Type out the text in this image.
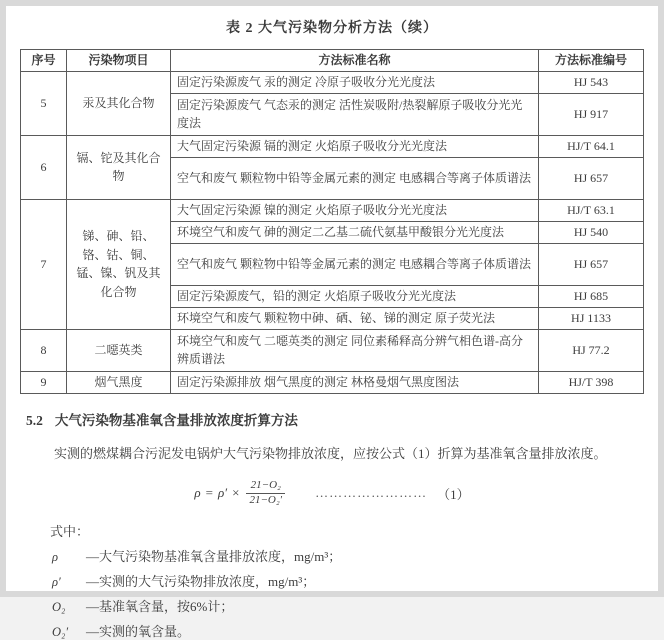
表 2 大气污染物分析方法（续）
序号	污染物项目	方法标准名称	方法标准编号
5	汞及其化合物	固定污染源废气 汞的测定 冷原子吸收分光光度法	HJ 543
		固定污染源废气 气态汞的测定 活性炭吸附/热裂解原子吸收分光光度法	HJ 917
6	镉、铊及其化合物	大气固定污染源 镉的测定 火焰原子吸收分光光度法	HJ/T 64.1
		空气和废气 颗粒物中铅等金属元素的测定 电感耦合等离子体质谱法	HJ 657
7	锑、砷、铅、铬、钴、铜、锰、镍、钒及其化合物	大气固定污染源 镍的测定 火焰原子吸收分光光度法	HJ/T 63.1
		环境空气和废气 砷的测定二乙基二硫代氨基甲酸银分光光度法	HJ 540
		空气和废气 颗粒物中铅等金属元素的测定 电感耦合等离子体质谱法	HJ 657
		固定污染源废气，铅的测定 火焰原子吸收分光光度法	HJ 685
		环境空气和废气 颗粒物中砷、硒、铋、锑的测定 原子荧光法	HJ 1133
8	二噁英类	环境空气和废气 二噁英类的测定 同位素稀释高分辨气相色谱-高分辨质谱法	HJ 77.2
9	烟气黑度	固定污染源排放 烟气黑度的测定 林格曼烟气黑度图法	HJ/T 398
5.2 大气污染物基准氧含量排放浓度折算方法
实测的燃煤耦合污泥发电锅炉大气污染物排放浓度，应按公式（1）折算为基准氧含量排放浓度。
$\rho = \rho' \times \frac{\text{21−O₂}}{\text{21−O₂′}}$ …………………… （1）
式中：
ρ	—大气污染物基准氧含量排放浓度，mg/m³；
ρ′	—实测的大气污染物排放浓度，mg/m³；
O₂	—基准氧含量，按6%计；
O₂′	—实测的氧含量。
